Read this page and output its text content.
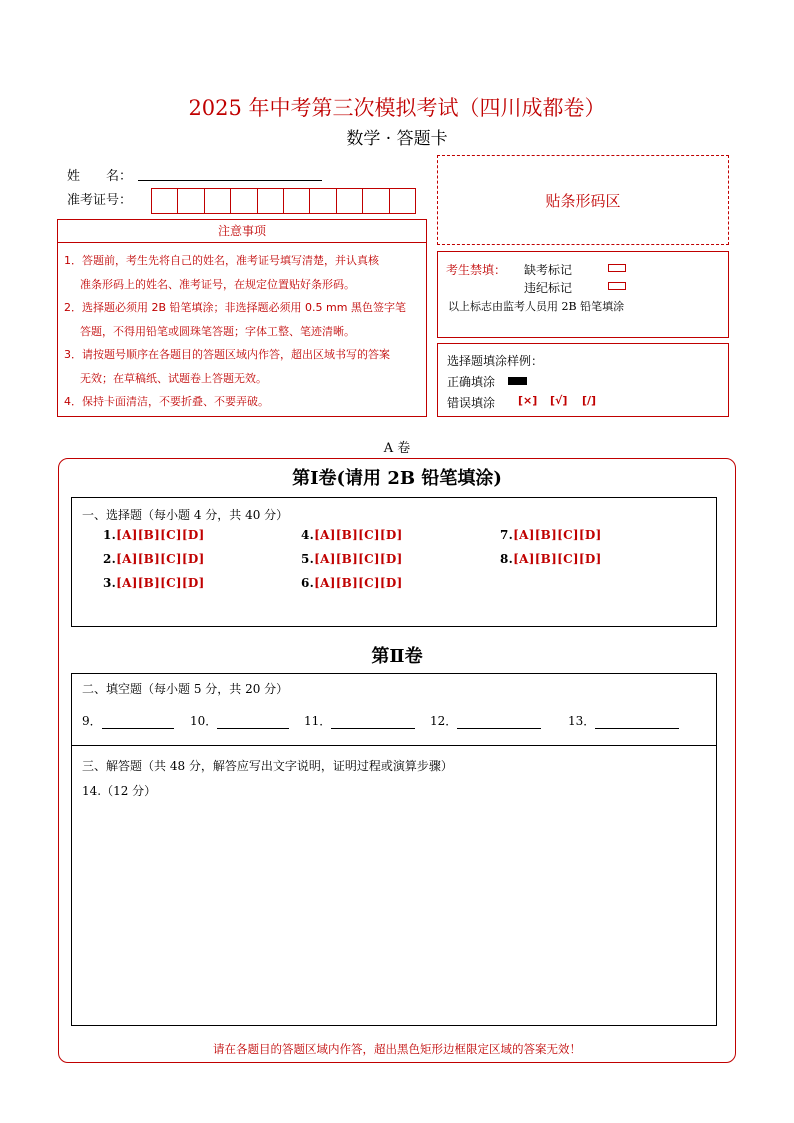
2025 年中考第三次模拟考试（四川成都卷）
数学 · 答题卡
姓　　名：
准考证号：	贴条形码区
注意事项
1．答题前，考生先将自己的姓名，准考证号填写清楚，并认真核
准条形码上的姓名、准考证号，在规定位置贴好条形码。
2．选择题必须用 2B 铅笔填涂；非选择题必须用 0.5 mm 黑色签字笔
答题，不得用铅笔或圆珠笔答题；字体工整、笔迹清晰。
3．请按题号顺序在各题目的答题区域内作答，超出区域书写的答案
无效；在草稿纸、试题卷上答题无效。
4．保持卡面清洁，不要折叠、不要弄破。
考生禁填： 缺考标记
违纪标记
以上标志由监考人员用 2B 铅笔填涂
选择题填涂样例：
正确填涂
错误填涂 [×] [√] [/]
A 卷
第Ⅰ卷(请用 2B 铅笔填涂)
一、选择题（每小题 4 分，共 40 分）
1.[A][B][C][D]
2.[A][B][C][D]
3.[A][B][C][D]
4.[A][B][C][D]
5.[A][B][C][D]
6.[A][B][C][D]
7.[A][B][C][D]
8.[A][B][C][D]
第Ⅱ卷
二、填空题（每小题 5 分，共 20 分）
9．	10．	11．	12．	13．
三、解答题（共 48 分，解答应写出文字说明，证明过程或演算步骤）
14.（12 分）
请在各题目的答题区域内作答，超出黑色矩形边框限定区域的答案无效！
